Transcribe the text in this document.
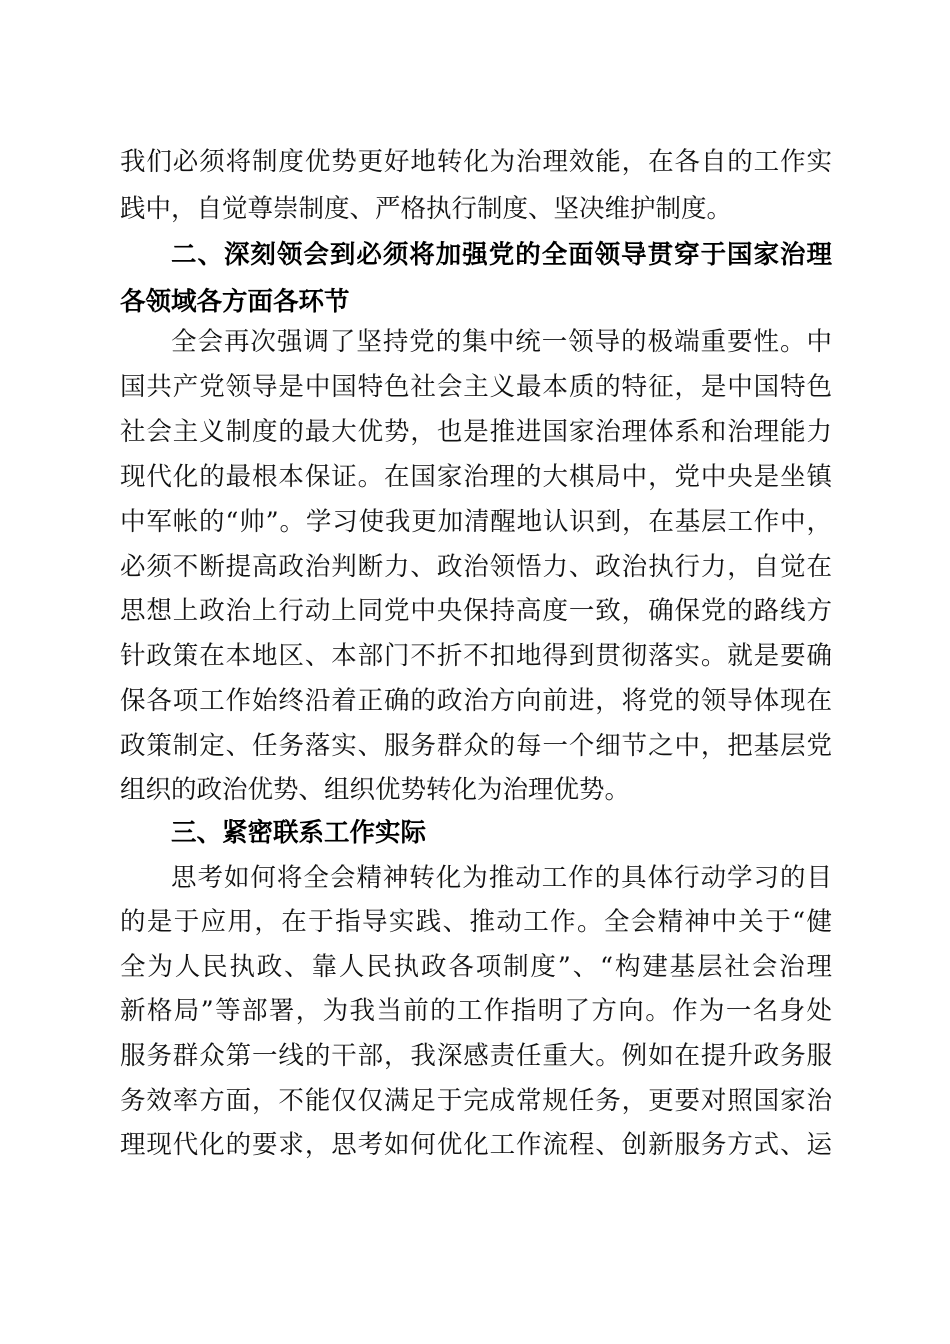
我们必须将制度优势更好地转化为治理效能，在各自的工作实
践中，自觉尊崇制度、严格执行制度、坚决维护制度。
二、深刻领会到必须将加强党的全面领导贯穿于国家治理
各领域各方面各环节
全会再次强调了坚持党的集中统一领导的极端重要性。中
国共产党领导是中国特色社会主义最本质的特征，是中国特色
社会主义制度的最大优势，也是推进国家治理体系和治理能力
现代化的最根本保证。在国家治理的大棋局中，党中央是坐镇
中军帐的“帅”。学习使我更加清醒地认识到，在基层工作中，
必须不断提高政治判断力、政治领悟力、政治执行力，自觉在
思想上政治上行动上同党中央保持高度一致，确保党的路线方
针政策在本地区、本部门不折不扣地得到贯彻落实。就是要确
保各项工作始终沿着正确的政治方向前进，将党的领导体现在
政策制定、任务落实、服务群众的每一个细节之中，把基层党
组织的政治优势、组织优势转化为治理优势。
三、紧密联系工作实际
思考如何将全会精神转化为推动工作的具体行动学习的目
的是于应用，在于指导实践、推动工作。全会精神中关于“健
全为人民执政、靠人民执政各项制度”、“构建基层社会治理
新格局”等部署，为我当前的工作指明了方向。作为一名身处
服务群众第一线的干部，我深感责任重大。例如在提升政务服
务效率方面，不能仅仅满足于完成常规任务，更要对照国家治
理现代化的要求，思考如何优化工作流程、创新服务方式、运
